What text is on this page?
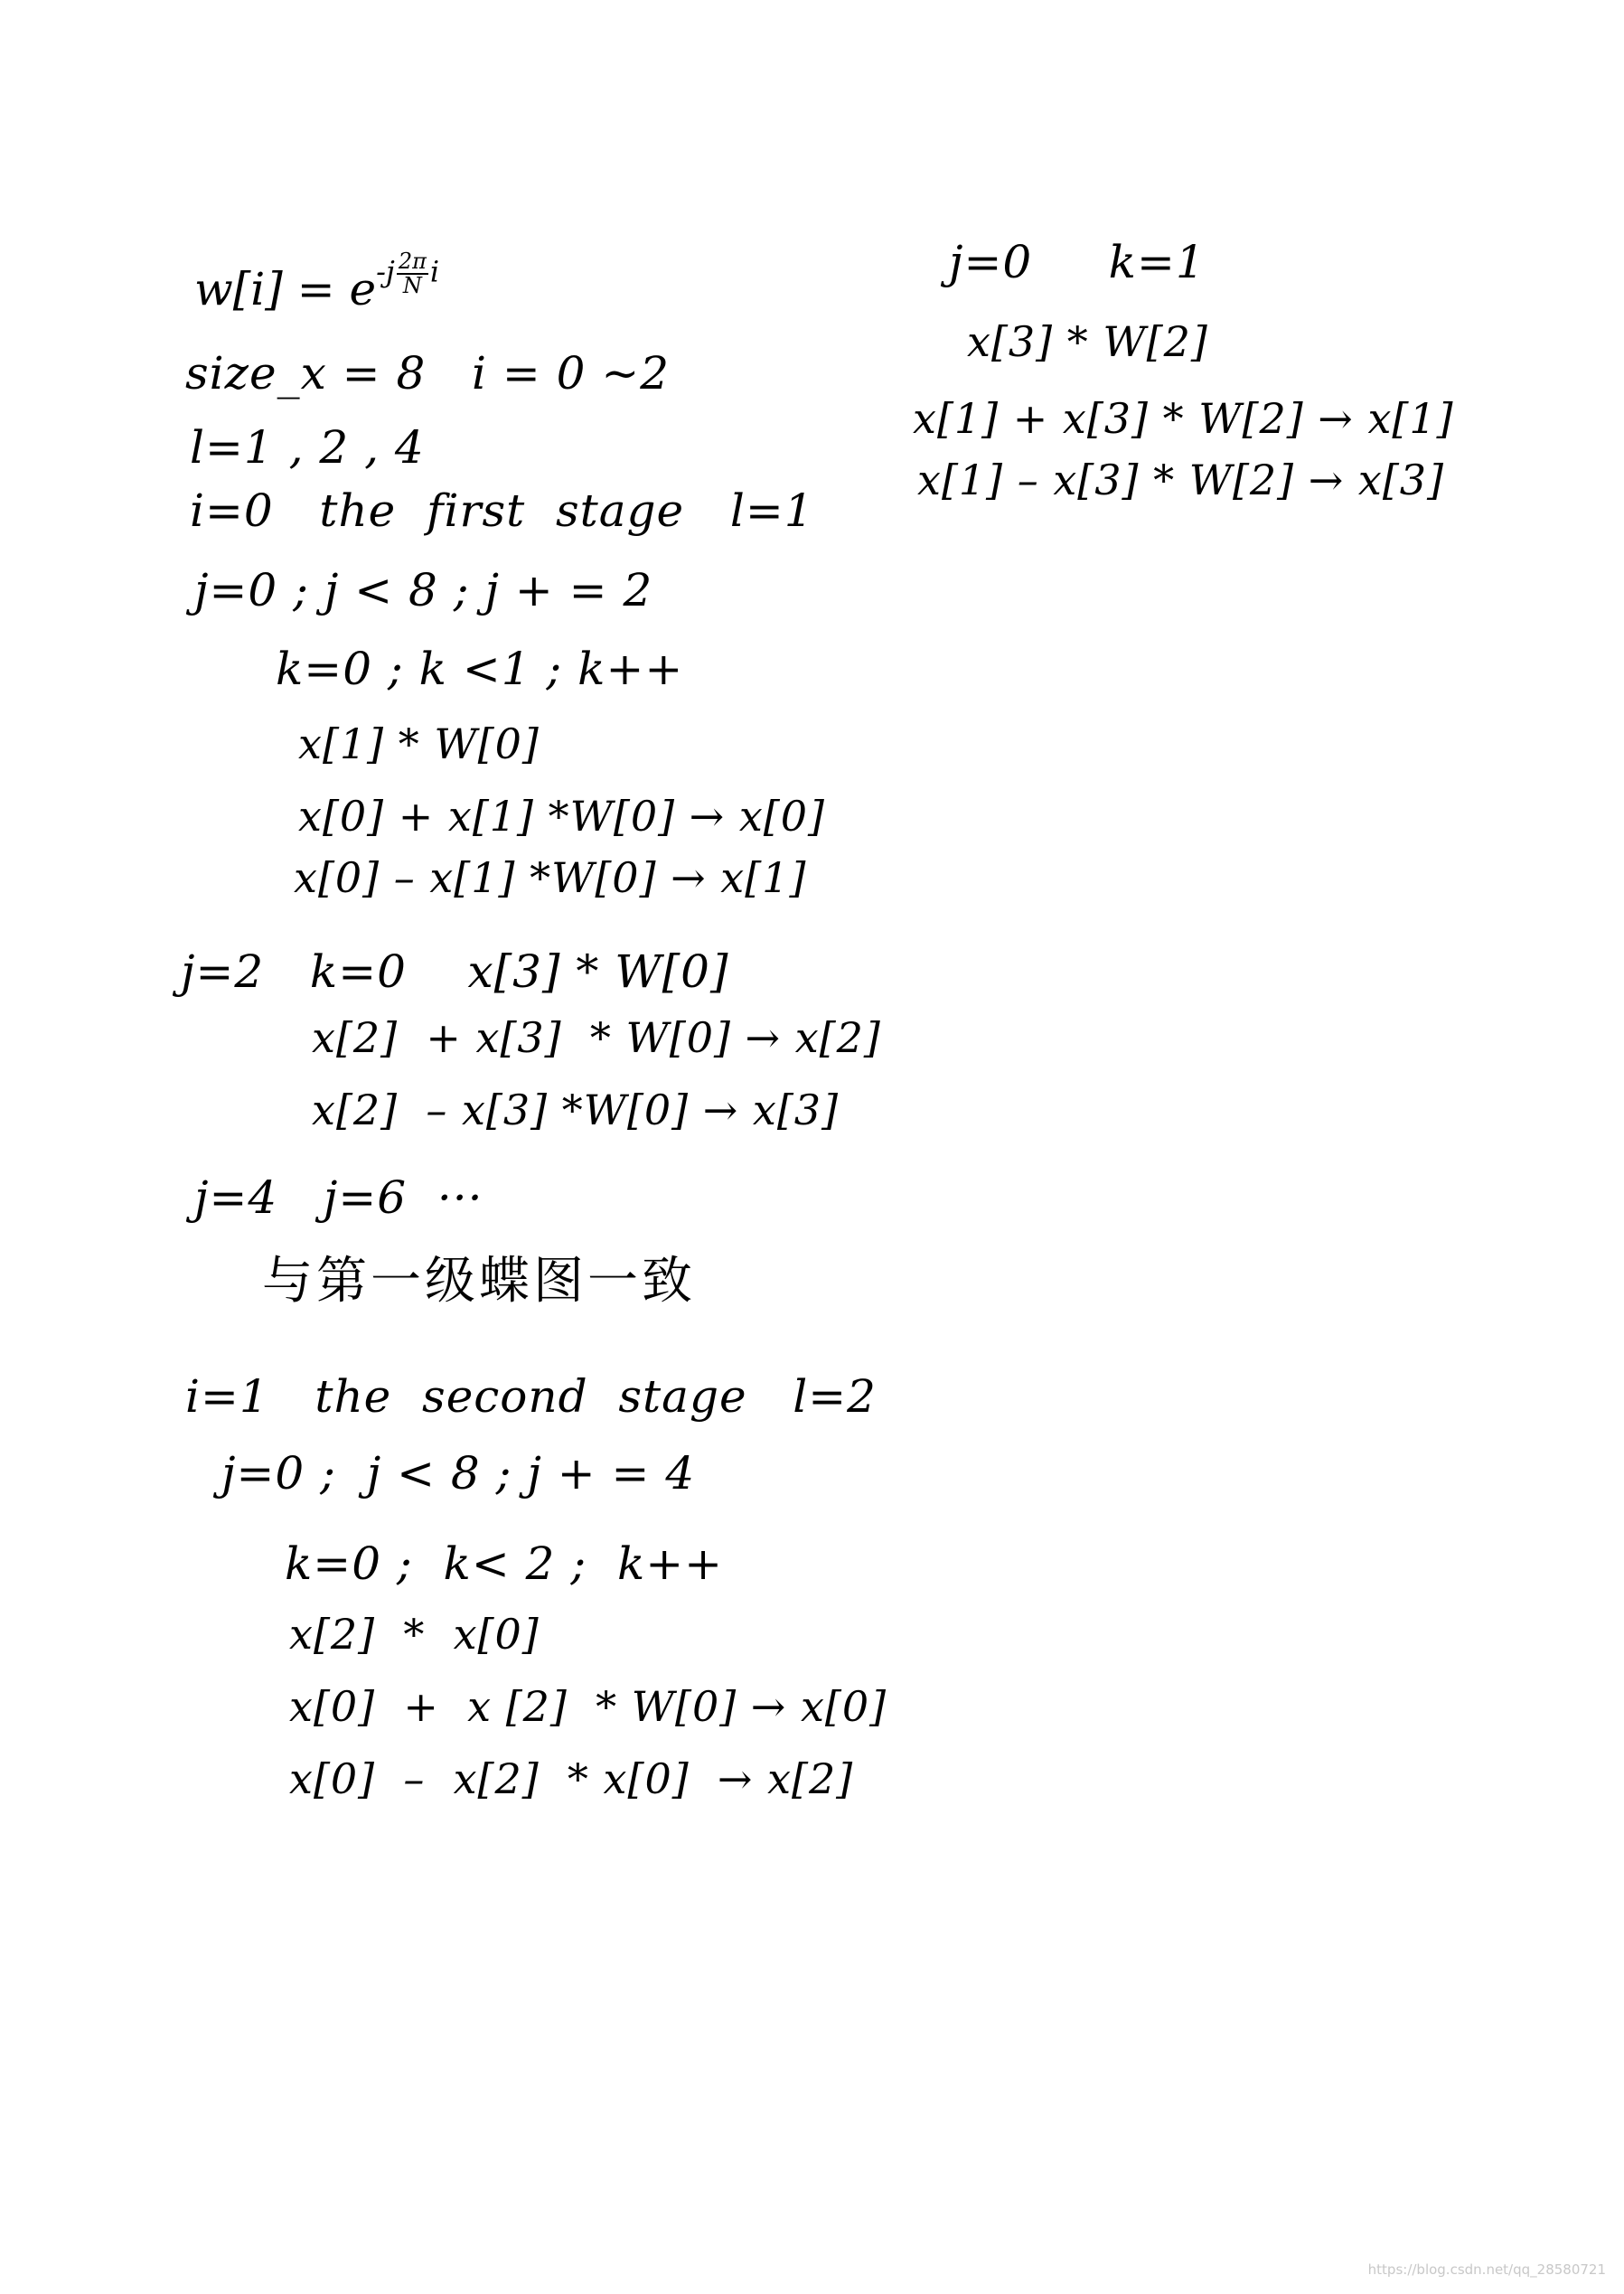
$w[i] = e-j \frac{2\pi}{N}$ i
size_x = 8   i = 0 ~2
l=1 , 2 , 4
i=0   the  first  stage   l=1
j=0 ; j < 8 ; j + = 2
k=0 ; k <1 ; k++
x[1] * W[0]
x[0] + x[1] *W[0] → x[0]
x[0] – x[1] *W[0] → x[1]
j=2   k=0    x[3] * W[0]
x[2]  + x[3]  * W[0] → x[2]
x[2]  – x[3] *W[0] → x[3]
j=4   j=6  ···
与第一级蝶图一致
i=1   the  second  stage   l=2
j=0 ;  j < 8 ; j + = 4
k=0 ;  k< 2 ;  k++
x[2]  *  x[0]
x[0]  +  x [2]  * W[0] → x[0]
x[0]  –  x[2]  * x[0]  → x[2]
j=0     k=1
x[3] * W[2]
x[1] + x[3] * W[2] → x[1]
x[1] – x[3] * W[2] → x[3]
https://blog.csdn.net/qq_28580721
